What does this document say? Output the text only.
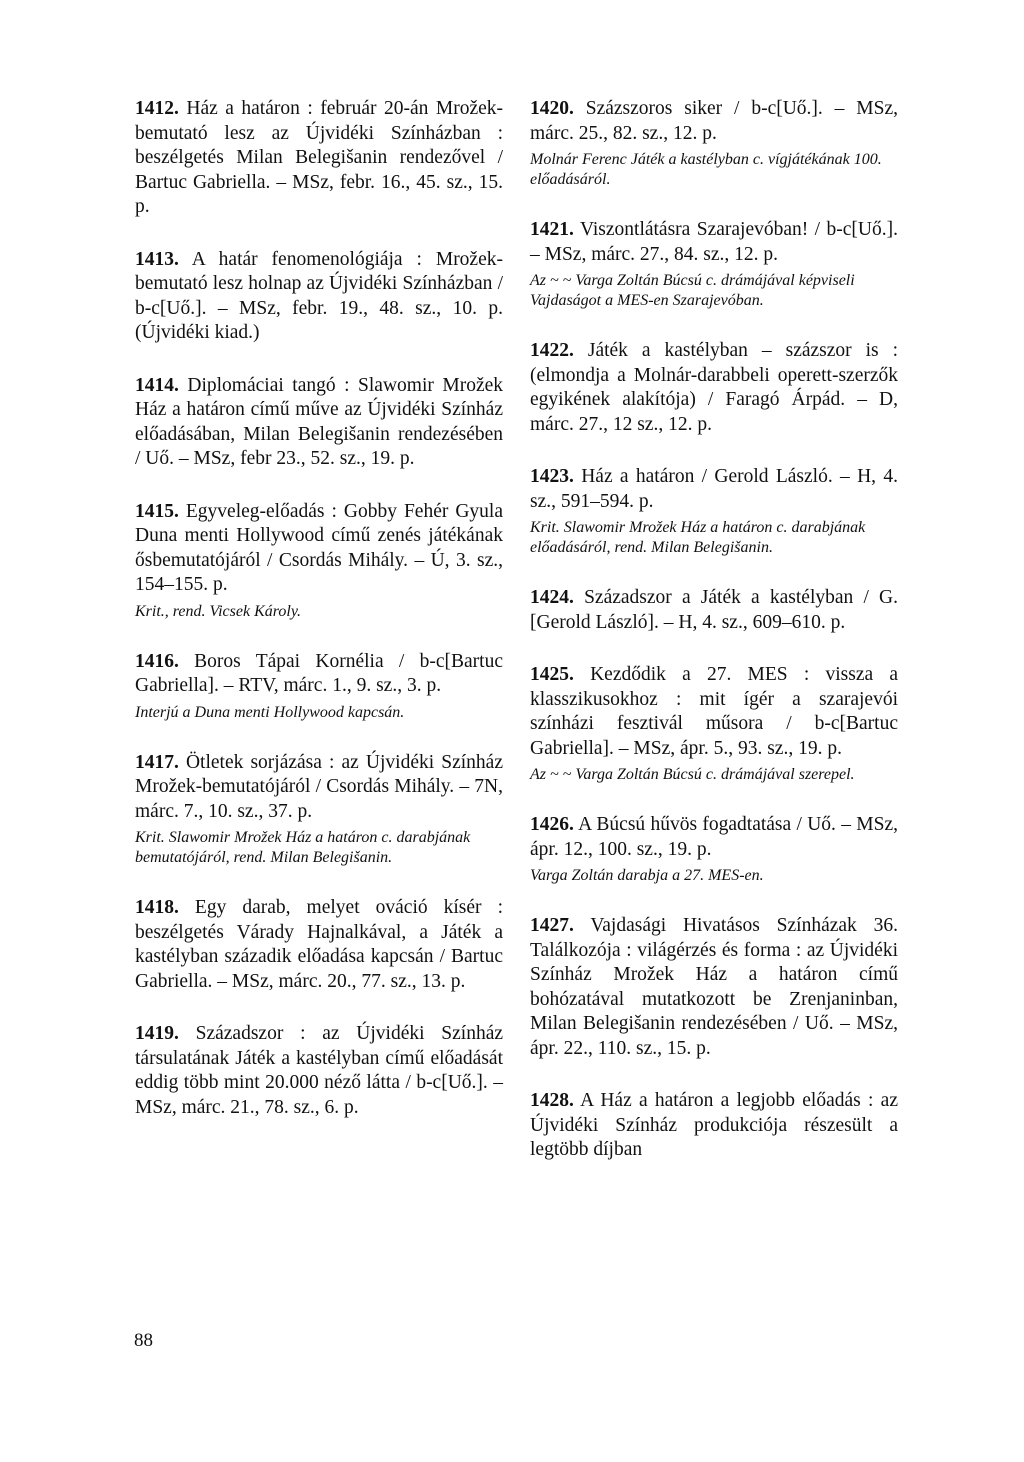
1412. Ház a határon : február 20-án Mrožek-bemutató lesz az Újvidéki Színházban : beszélgetés Milan Belegišanin rendezővel / Bartuc Gabriella. – MSz, febr. 16., 45. sz., 15. p.
1413. A határ fenomenológiája : Mrožek-bemutató lesz holnap az Újvidéki Színházban / b-c[Uő.]. – MSz, febr. 19., 48. sz., 10. p. (Újvidéki kiad.)
1414. Diplomáciai tangó : Slawomir Mrožek Ház a határon című műve az Újvidéki Színház előadásában, Milan Belegišanin rendezésében / Uő. – MSz, febr 23., 52. sz., 19. p.
1415. Egyveleg-előadás : Gobby Fehér Gyula Duna menti Hollywood című zenés játékának ősbemutatójáról / Csordás Mihály. – Ú, 3. sz., 154–155. p.
Krit., rend. Vicsek Károly.
1416. Boros Tápai Kornélia / b-c[Bartuc Gabriella]. – RTV, márc. 1., 9. sz., 3. p.
Interjú a Duna menti Hollywood kapcsán.
1417. Ötletek sorjázása : az Újvidéki Színház Mrožek-bemutatójáról / Csordás Mihály. – 7N, márc. 7., 10. sz., 37. p.
Krit. Slawomir Mrožek Ház a határon c. darabjának bemutatójáról, rend. Milan Belegišanin.
1418. Egy darab, melyet ováció kísér : beszélgetés Várady Hajnalkával, a Játék a kastélyban századik előadása kapcsán / Bartuc Gabriella. – MSz, márc. 20., 77. sz., 13. p.
1419. Századszor : az Újvidéki Színház társulatának Játék a kastélyban című előadását eddig több mint 20.000 néző látta / b-c[Uő.]. – MSz, márc. 21., 78. sz., 6. p.
1420. Százszoros siker / b-c[Uő.]. – MSz, márc. 25., 82. sz., 12. p.
Molnár Ferenc Játék a kastélyban c. vígjátékának 100. előadásáról.
1421. Viszontlátásra Szarajevóban! / b-c[Uő.]. – MSz, márc. 27., 84. sz., 12. p.
Az ~ ~ Varga Zoltán Búcsú c. drámájával képviseli Vajdaságot a MES-en Szarajevóban.
1422. Játék a kastélyban – százszor is : (elmondja a Molnár-darabbeli operett-szerzők egyikének alakítója) / Faragó Árpád. – D, márc. 27., 12 sz., 12. p.
1423. Ház a határon / Gerold László. – H, 4. sz., 591–594. p.
Krit. Slawomir Mrožek Ház a határon c. darabjának előadásáról, rend. Milan Belegišanin.
1424. Századszor a Játék a kastélyban / G.[Gerold László]. – H, 4. sz., 609–610. p.
1425. Kezdődik a 27. MES : vissza a klasszikusokhoz : mit ígér a szarajevói színházi fesztivál műsora / b-c[Bartuc Gabriella]. – MSz, ápr. 5., 93. sz., 19. p.
Az ~ ~ Varga Zoltán Búcsú c. drámájával szerepel.
1426. A Búcsú hűvös fogadtatása / Uő. – MSz, ápr. 12., 100. sz., 19. p.
Varga Zoltán darabja a 27. MES-en.
1427. Vajdasági Hivatásos Színházak 36. Találkozója : világérzés és forma : az Újvidéki Színház Mrožek Ház a határon című bohózatával mutatkozott be Zrenjaninban, Milan Belegišanin rendezésében / Uő. – MSz, ápr. 22., 110. sz., 15. p.
1428. A Ház a határon a legjobb előadás : az Újvidéki Színház produkciója részesült a legtöbb díjban
88
